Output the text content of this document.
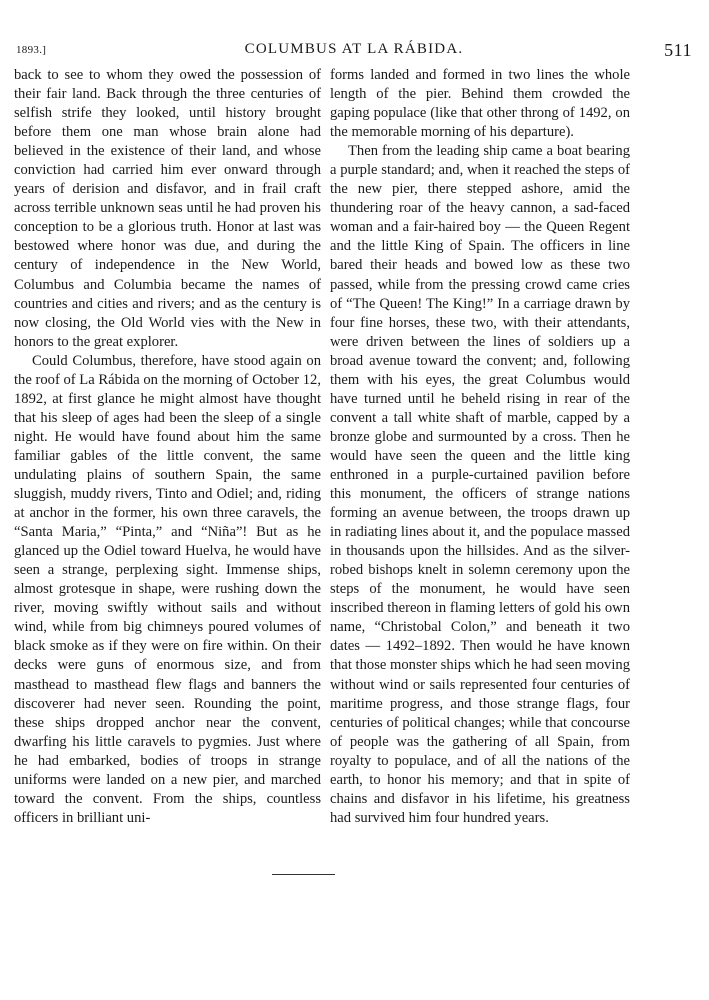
1893.]	COLUMBUS AT LA RÁBIDA.	511

back to see to whom they owed the possession of their fair land. Back through the three centuries of selfish strife they looked, until history brought before them one man whose brain alone had believed in the existence of their land, and whose conviction had carried him ever onward through years of derision and disfavor, and in frail craft across terrible unknown seas until he had proven his conception to be a glorious truth. Honor at last was bestowed where honor was due, and during the century of independence in the New World, Columbus and Columbia became the names of countries and cities and rivers; and as the century is now closing, the Old World vies with the New in honors to the great explorer.

Could Columbus, therefore, have stood again on the roof of La Rábida on the morning of October 12, 1892, at first glance he might almost have thought that his sleep of ages had been the sleep of a single night. He would have found about him the same familiar gables of the little convent, the same undulating plains of southern Spain, the same sluggish, muddy rivers, Tinto and Odiel; and, riding at anchor in the former, his own three caravels, the “Santa Maria,” “Pinta,” and “Niña”! But as he glanced up the Odiel toward Huelva, he would have seen a strange, perplexing sight. Immense ships, almost grotesque in shape, were rushing down the river, moving swiftly without sails and without wind, while from big chimneys poured volumes of black smoke as if they were on fire within. On their decks were guns of enormous size, and from masthead to masthead flew flags and banners the discoverer had never seen. Rounding the point, these ships dropped anchor near the convent, dwarfing his little caravels to pygmies. Just where he had embarked, bodies of troops in strange uniforms were landed on a new pier, and marched toward the convent. From the ships, countless officers in brilliant uni-

forms landed and formed in two lines the whole length of the pier. Behind them crowded the gaping populace (like that other throng of 1492, on the memorable morning of his departure).

Then from the leading ship came a boat bearing a purple standard; and, when it reached the steps of the new pier, there stepped ashore, amid the thundering roar of the heavy cannon, a sad-faced woman and a fair-haired boy — the Queen Regent and the little King of Spain. The officers in line bared their heads and bowed low as these two passed, while from the pressing crowd came cries of “The Queen! The King!” In a carriage drawn by four fine horses, these two, with their attendants, were driven between the lines of soldiers up a broad avenue toward the convent; and, following them with his eyes, the great Columbus would have turned until he beheld rising in rear of the convent a tall white shaft of marble, capped by a bronze globe and surmounted by a cross. Then he would have seen the queen and the little king enthroned in a purple-curtained pavilion before this monument, the officers of strange nations forming an avenue between, the troops drawn up in radiating lines about it, and the populace massed in thousands upon the hillsides. And as the silver-robed bishops knelt in solemn ceremony upon the steps of the monument, he would have seen inscribed thereon in flaming letters of gold his own name, “Christobal Colon,” and beneath it two dates — 1492–1892. Then would he have known that those monster ships which he had seen moving without wind or sails represented four centuries of maritime progress, and those strange flags, four centuries of political changes; while that concourse of people was the gathering of all Spain, from royalty to populace, and of all the nations of the earth, to honor his memory; and that in spite of chains and disfavor in his lifetime, his greatness had survived him four hundred years.
